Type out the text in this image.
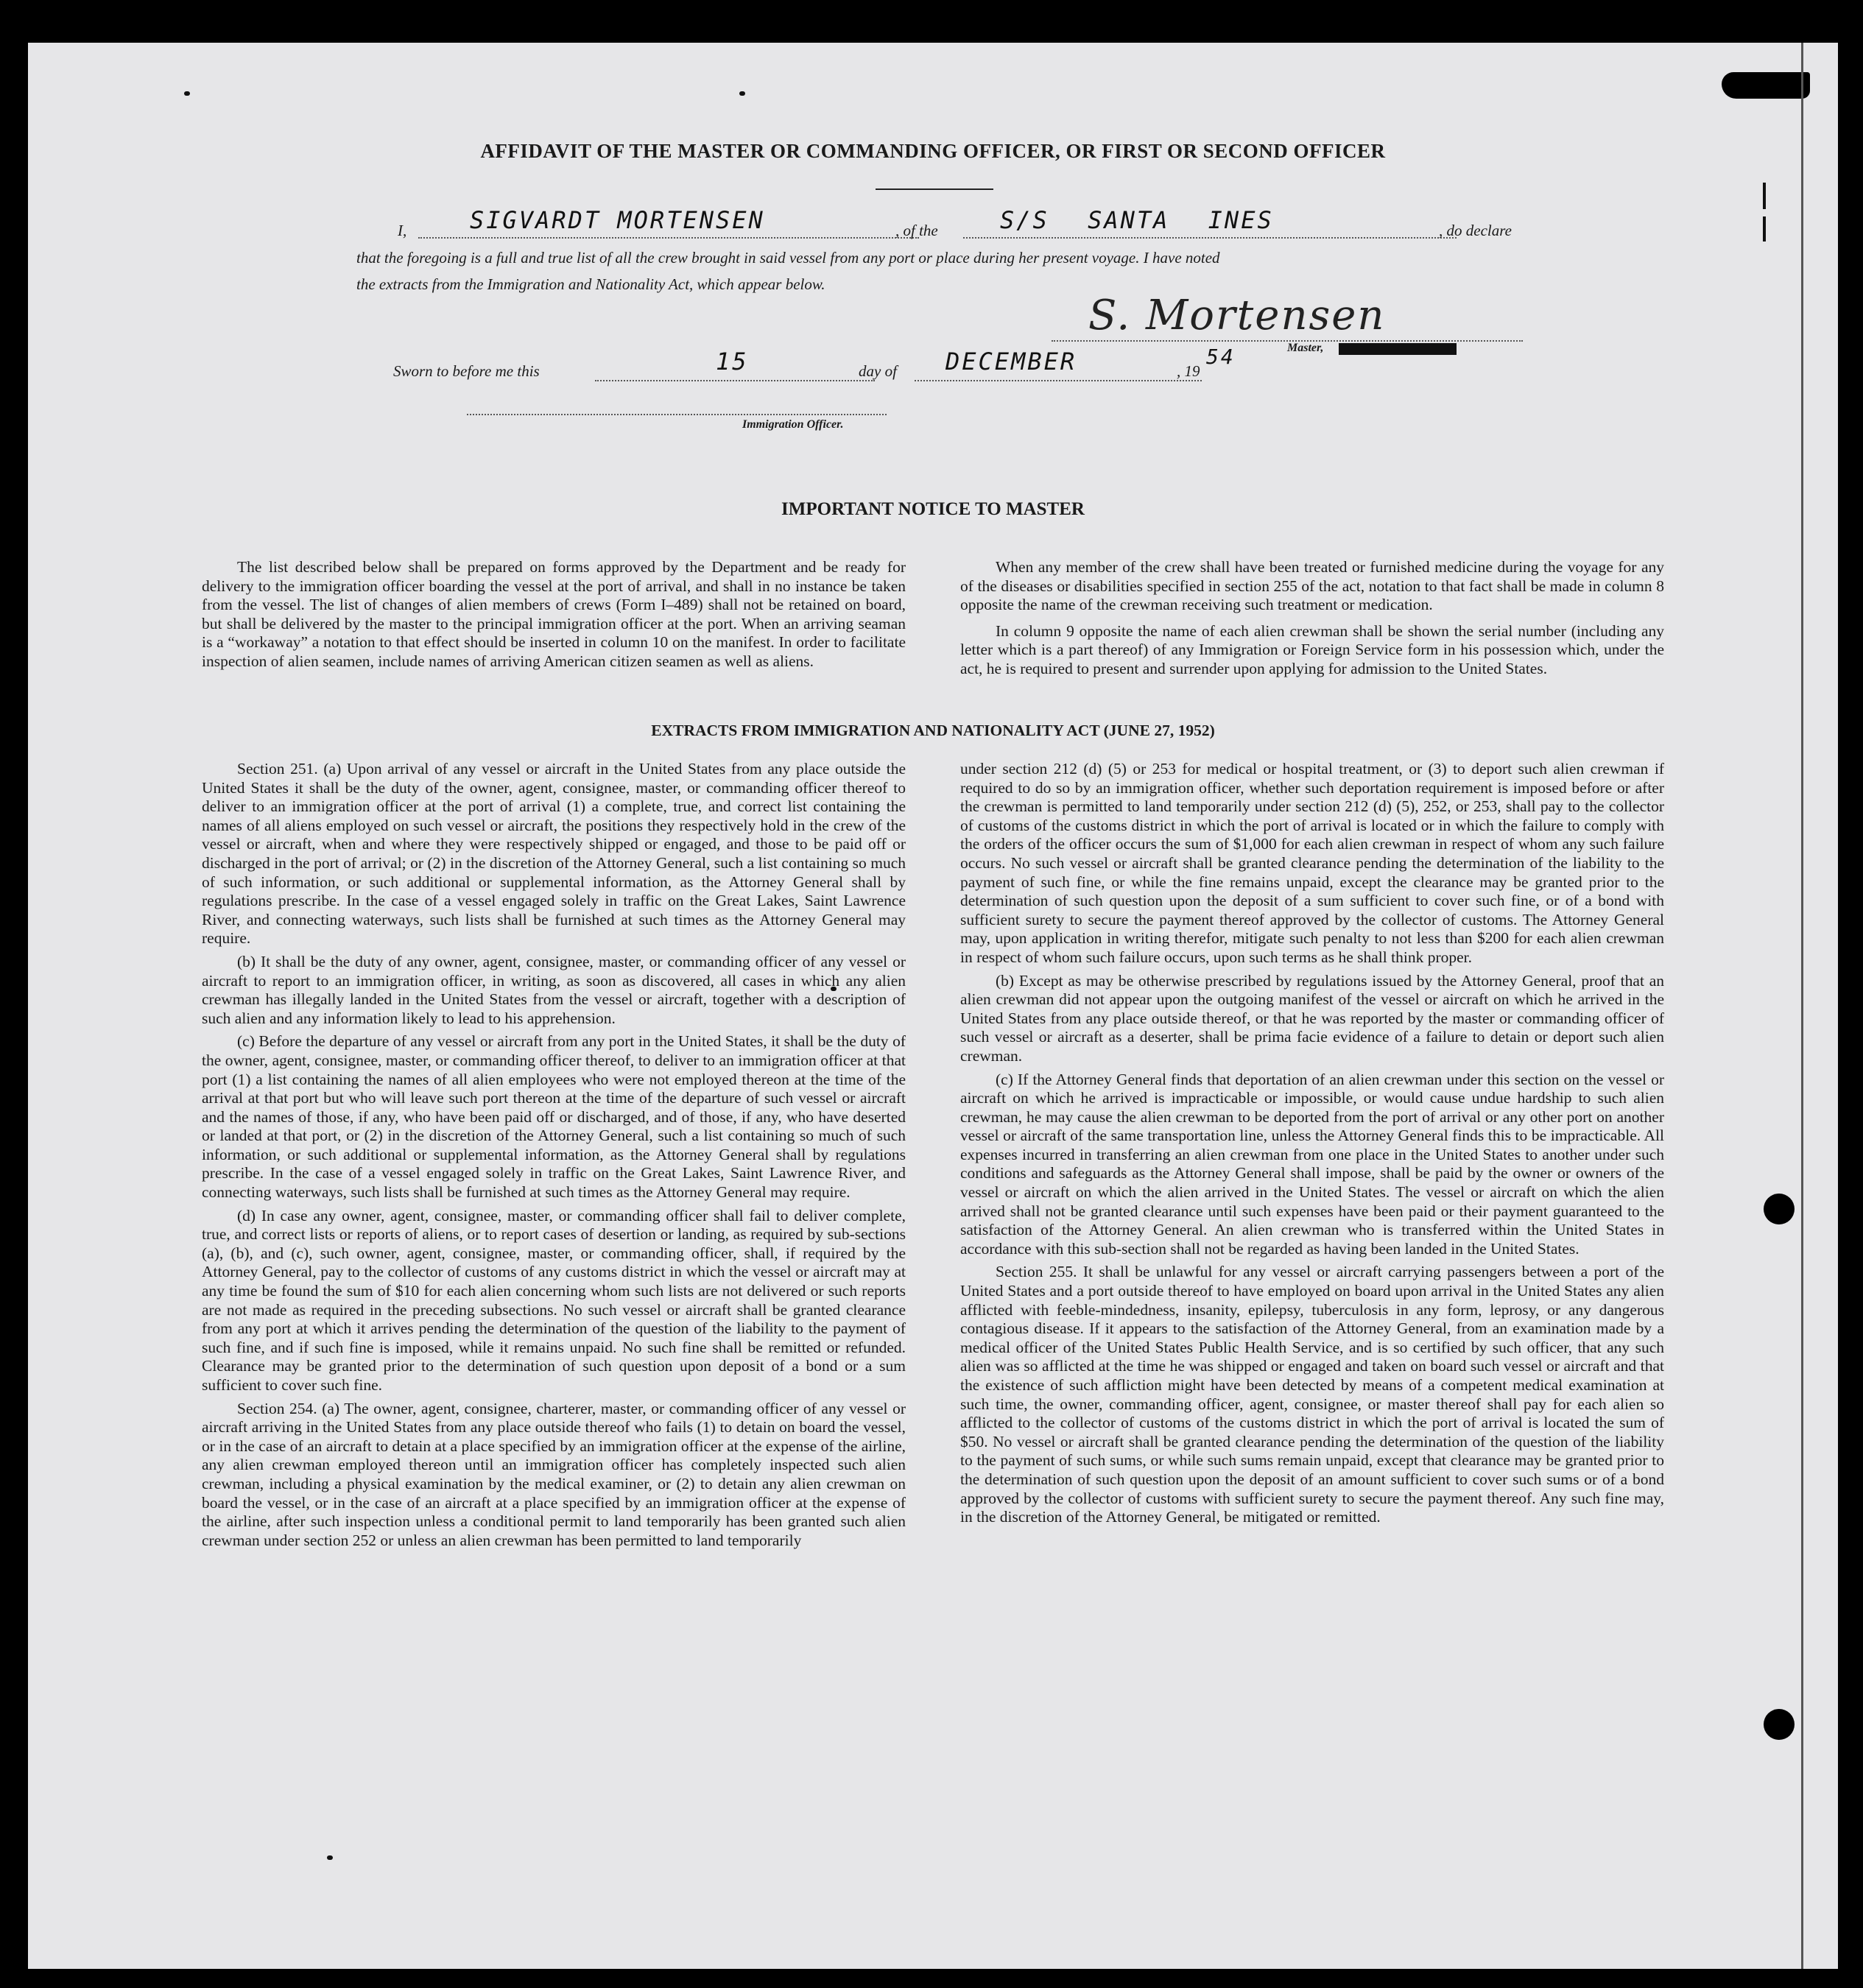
AFFIDAVIT OF THE MASTER OR COMMANDING OFFICER, OR FIRST OR SECOND OFFICER
I,	SIGVARDT MORTENSEN	, of the	S/S SANTA INES	, do declare
that the foregoing is a full and true list of all the crew brought in said vessel from any port or place during her present voyage. I have noted
the extracts from the Immigration and Nationality Act, which appear below.
S. Mortensen
Master,
Sworn to before me this	15	day of DECEMBER	, 19
54
Immigration Officer.
IMPORTANT NOTICE TO MASTER

The list described below shall be prepared on forms approved by the Department and be ready for delivery to the immigration officer boarding the vessel at the port of arrival, and shall in no instance be taken from the vessel. The list of changes of alien members of crews (Form I–489) shall not be retained on board, but shall be delivered by the master to the principal immigration officer at the port. When an arriving seaman is a “workaway” a notation to that effect should be inserted in column 10 on the manifest. In order to facilitate inspection of alien seamen, include names of arriving American citizen seamen as well as aliens.

When any member of the crew shall have been treated or furnished medicine during the voyage for any of the diseases or disabilities specified in section 255 of the act, notation to that fact shall be made in column 8 opposite the name of the crewman receiving such treatment or medication.

In column 9 opposite the name of each alien crewman shall be shown the serial number (including any letter which is a part thereof) of any Immigration or Foreign Service form in his possession which, under the act, he is required to present and surrender upon applying for admission to the United States.

EXTRACTS FROM IMMIGRATION AND NATIONALITY ACT (JUNE 27, 1952)

Section 251. (a) Upon arrival of any vessel or aircraft in the United States from any place outside the United States it shall be the duty of the owner, agent, consignee, master, or commanding officer thereof to deliver to an immigration officer at the port of arrival (1) a complete, true, and correct list containing the names of all aliens employed on such vessel or aircraft, the positions they respectively hold in the crew of the vessel or aircraft, when and where they were respectively shipped or engaged, and those to be paid off or discharged in the port of arrival; or (2) in the discretion of the Attorney General, such a list containing so much of such information, or such additional or supplemental information, as the Attorney General shall by regulations prescribe. In the case of a vessel engaged solely in traffic on the Great Lakes, Saint Lawrence River, and connecting waterways, such lists shall be furnished at such times as the Attorney General may require.

(b) It shall be the duty of any owner, agent, consignee, master, or commanding officer of any vessel or aircraft to report to an immigration officer, in writing, as soon as discovered, all cases in which any alien crewman has illegally landed in the United States from the vessel or aircraft, together with a description of such alien and any information likely to lead to his apprehension.

(c) Before the departure of any vessel or aircraft from any port in the United States, it shall be the duty of the owner, agent, consignee, master, or commanding officer thereof, to deliver to an immigration officer at that port (1) a list containing the names of all alien employees who were not employed thereon at the time of the arrival at that port but who will leave such port thereon at the time of the departure of such vessel or aircraft and the names of those, if any, who have been paid off or discharged, and of those, if any, who have deserted or landed at that port, or (2) in the discretion of the Attorney General, such a list containing so much of such information, or such additional or supplemental information, as the Attorney General shall by regulations prescribe. In the case of a vessel engaged solely in traffic on the Great Lakes, Saint Lawrence River, and connecting waterways, such lists shall be furnished at such times as the Attorney General may require.

(d) In case any owner, agent, consignee, master, or commanding officer shall fail to deliver complete, true, and correct lists or reports of aliens, or to report cases of desertion or landing, as required by sub-sections (a), (b), and (c), such owner, agent, consignee, master, or commanding officer, shall, if required by the Attorney General, pay to the collector of customs of any customs district in which the vessel or aircraft may at any time be found the sum of $10 for each alien concerning whom such lists are not delivered or such reports are not made as required in the preceding subsections. No such vessel or aircraft shall be granted clearance from any port at which it arrives pending the determination of the question of the liability to the payment of such fine, and if such fine is imposed, while it remains unpaid. No such fine shall be remitted or refunded. Clearance may be granted prior to the determination of such question upon deposit of a bond or a sum sufficient to cover such fine.

Section 254. (a) The owner, agent, consignee, charterer, master, or commanding officer of any vessel or aircraft arriving in the United States from any place outside thereof who fails (1) to detain on board the vessel, or in the case of an aircraft to detain at a place specified by an immigration officer at the expense of the airline, any alien crewman employed thereon until an immigration officer has completely inspected such alien crewman, including a physical examination by the medical examiner, or (2) to detain any alien crewman on board the vessel, or in the case of an aircraft at a place specified by an immigration officer at the expense of the airline, after such inspection unless a conditional permit to land temporarily has been granted such alien crewman under section 252 or unless an alien crewman has been permitted to land temporarily

under section 212 (d) (5) or 253 for medical or hospital treatment, or (3) to deport such alien crewman if required to do so by an immigration officer, whether such deportation requirement is imposed before or after the crewman is permitted to land temporarily under section 212 (d) (5), 252, or 253, shall pay to the collector of customs of the customs district in which the port of arrival is located or in which the failure to comply with the orders of the officer occurs the sum of $1,000 for each alien crewman in respect of whom any such failure occurs. No such vessel or aircraft shall be granted clearance pending the determination of the liability to the payment of such fine, or while the fine remains unpaid, except the clearance may be granted prior to the determination of such question upon the deposit of a sum sufficient to cover such fine, or of a bond with sufficient surety to secure the payment thereof approved by the collector of customs. The Attorney General may, upon application in writing therefor, mitigate such penalty to not less than $200 for each alien crewman in respect of whom such failure occurs, upon such terms as he shall think proper.

(b) Except as may be otherwise prescribed by regulations issued by the Attorney General, proof that an alien crewman did not appear upon the outgoing manifest of the vessel or aircraft on which he arrived in the United States from any place outside thereof, or that he was reported by the master or commanding officer of such vessel or aircraft as a deserter, shall be prima facie evidence of a failure to detain or deport such alien crewman.

(c) If the Attorney General finds that deportation of an alien crewman under this section on the vessel or aircraft on which he arrived is impracticable or impossible, or would cause undue hardship to such alien crewman, he may cause the alien crewman to be deported from the port of arrival or any other port on another vessel or aircraft of the same transportation line, unless the Attorney General finds this to be impracticable. All expenses incurred in transferring an alien crewman from one place in the United States to another under such conditions and safeguards as the Attorney General shall impose, shall be paid by the owner or owners of the vessel or aircraft on which the alien arrived in the United States. The vessel or aircraft on which the alien arrived shall not be granted clearance until such expenses have been paid or their payment guaranteed to the satisfaction of the Attorney General. An alien crewman who is transferred within the United States in accordance with this sub-section shall not be regarded as having been landed in the United States.

Section 255. It shall be unlawful for any vessel or aircraft carrying passengers between a port of the United States and a port outside thereof to have employed on board upon arrival in the United States any alien afflicted with feeble-mindedness, insanity, epilepsy, tuberculosis in any form, leprosy, or any dangerous contagious disease. If it appears to the satisfaction of the Attorney General, from an examination made by a medical officer of the United States Public Health Service, and is so certified by such officer, that any such alien was so afflicted at the time he was shipped or engaged and taken on board such vessel or aircraft and that the existence of such affliction might have been detected by means of a competent medical examination at such time, the owner, commanding officer, agent, consignee, or master thereof shall pay for each alien so afflicted to the collector of customs of the customs district in which the port of arrival is located the sum of $50. No vessel or aircraft shall be granted clearance pending the determination of the question of the liability to the payment of such sums, or while such sums remain unpaid, except that clearance may be granted prior to the determination of such question upon the deposit of an amount sufficient to cover such sums or of a bond approved by the collector of customs with sufficient surety to secure the payment thereof. Any such fine may, in the discretion of the Attorney General, be mitigated or remitted.
